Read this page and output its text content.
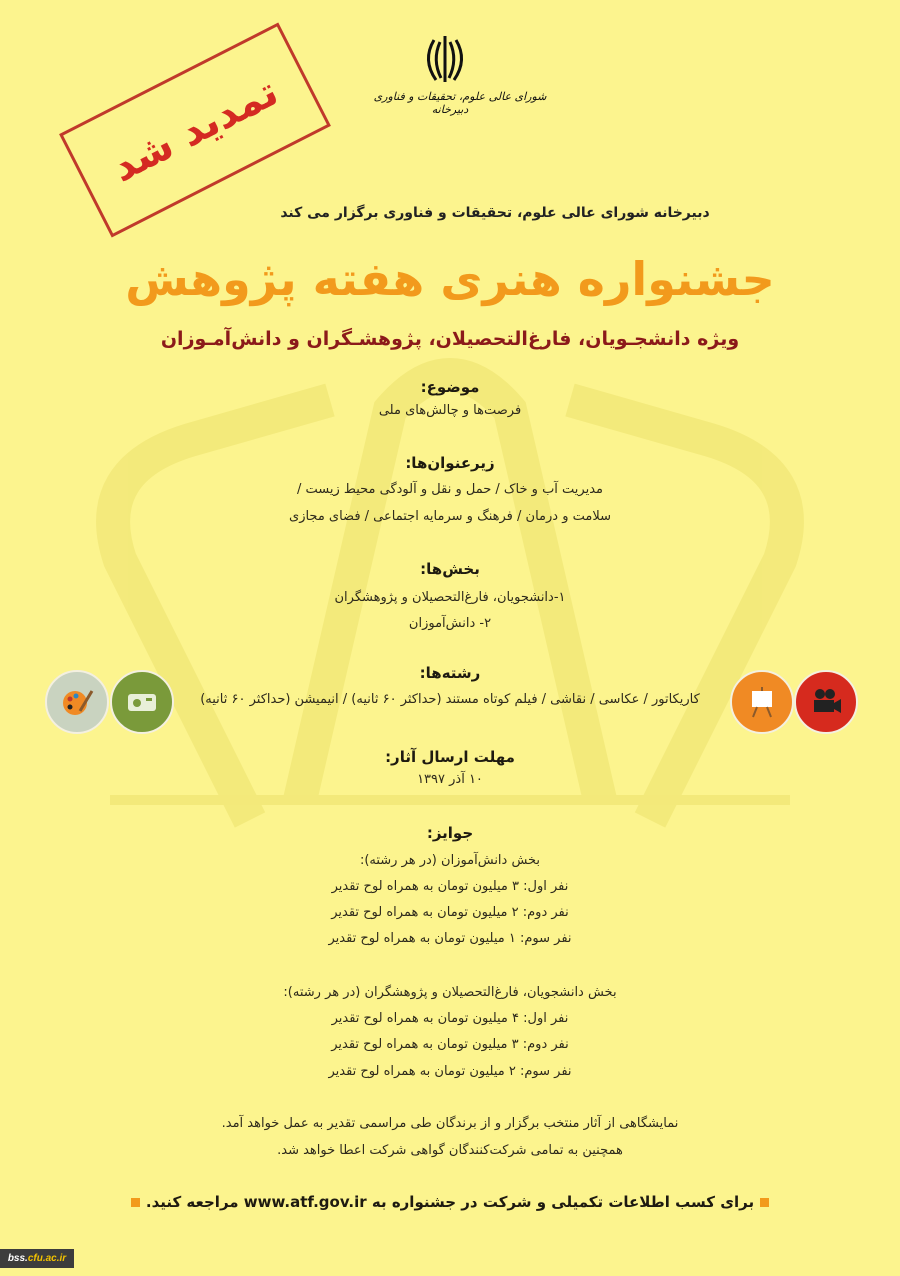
شورای عالی علوم، تحقیقات و فناوری
دبیرخانه
تمدید شد
دبیرخانه شورای عالی علوم، تحقیقات و فناوری برگزار می کند
جشنواره هنری هفته پژوهش
ویژه دانشجـویان، فارغ‌التحصیلان، پژوهشـگران و دانش‌آمـوزان
موضوع:
فرصت‌ها و چالش‌های ملی
زیرعنوان‌ها:
مدیریت آب و خاک / حمل و نقل و آلودگی محیط زیست /
سلامت و درمان / فرهنگ و سرمایه اجتماعی / فضای مجازی
بخش‌ها:
۱-دانشجویان، فارغ‌التحصیلان و پژوهشگران
۲- دانش‌آموزان
رشته‌ها:
کاریکاتور / عکاسی / نقاشی / فیلم کوتاه مستند (حداکثر ۶۰ ثانیه) / انیمیشن (حداکثر ۶۰ ثانیه)
مهلت ارسال آثار:
۱۰ آذر ۱۳۹۷
جوایز:
بخش دانش‌آموزان (در هر رشته):
نفر اول: ۳ میلیون تومان به همراه لوح تقدیر
نفر دوم: ۲ میلیون تومان به همراه لوح تقدیر
نفر سوم: ۱ میلیون تومان به همراه لوح تقدیر
بخش دانشجویان، فارغ‌التحصیلان و پژوهشگران (در هر رشته):
نفر اول: ۴ میلیون تومان به همراه لوح تقدیر
نفر دوم: ۳ میلیون تومان به همراه لوح تقدیر
نفر سوم: ۲ میلیون تومان به همراه لوح تقدیر
نمایشگاهی از آثار منتخب برگزار و از برندگان طی مراسمی تقدیر به عمل خواهد آمد.
همچنین به تمامی شرکت‌کنندگان گواهی شرکت اعطا خواهد شد.
برای کسب اطلاعات تکمیلی و شرکت در جشنواره به www.atf.gov.ir مراجعه کنید.
bss.cfu.ac.ir
